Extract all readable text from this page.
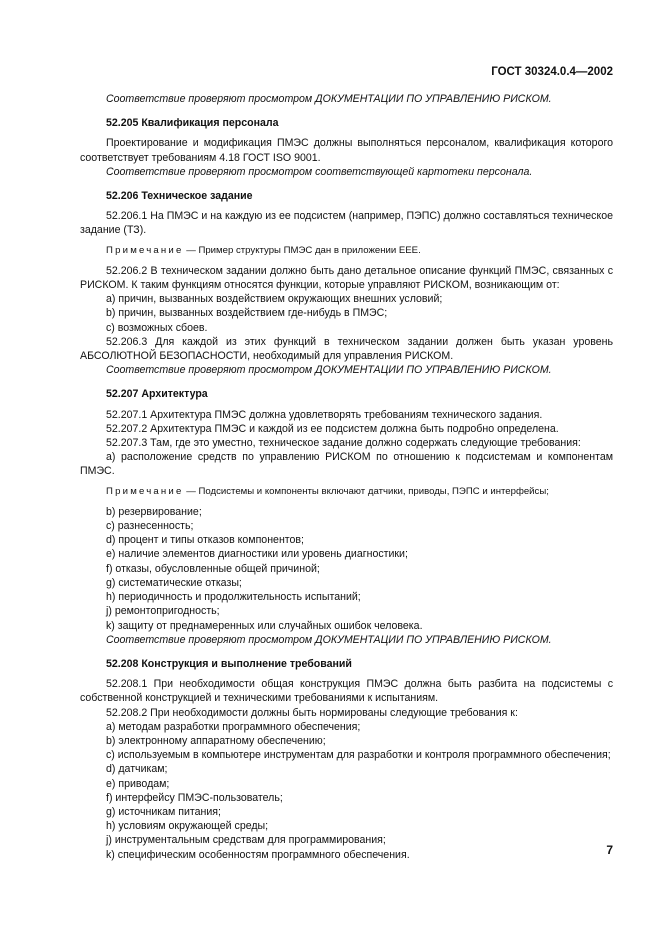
ГОСТ 30324.0.4—2002

Соответствие проверяют просмотром ДОКУМЕНТАЦИИ ПО УПРАВЛЕНИЮ РИСКОМ.

52.205 Квалификация персонала

Проектирование и модификация ПМЭС должны выполняться персоналом, квалификация которого соответствует требованиям 4.18 ГОСТ ISO 9001.

Соответствие проверяют просмотром соответствующей картотеки персонала.

52.206 Техническое задание

52.206.1 На ПМЭС и на каждую из ее подсистем (например, ПЭПС) должно составляться техническое задание (ТЗ).

Примечание — Пример структуры ПМЭС дан в приложении ЕЕЕ.

52.206.2 В техническом задании должно быть дано детальное описание функций ПМЭС, связанных с РИСКОМ. К таким функциям относятся функции, которые управляют РИСКОМ, возникающим от:

а) причин, вызванных воздействием окружающих внешних условий;
b) причин, вызванных воздействием где-нибудь в ПМЭС;
с) возможных сбоев.

52.206.3 Для каждой из этих функций в техническом задании должен быть указан уровень АБСОЛЮТНОЙ БЕЗОПАСНОСТИ, необходимый для управления РИСКОМ.

Соответствие проверяют просмотром ДОКУМЕНТАЦИИ ПО УПРАВЛЕНИЮ РИСКОМ.

52.207 Архитектура

52.207.1 Архитектура ПМЭС должна удовлетворять требованиям технического задания.

52.207.2 Архитектура ПМЭС и каждой из ее подсистем должна быть подробно определена.

52.207.3 Там, где это уместно, техническое задание должно содержать следующие требования:

а) расположение средств по управлению РИСКОМ по отношению к подсистемам и компонентам ПМЭС.

Примечание — Подсистемы и компоненты включают датчики, приводы, ПЭПС и интерфейсы;
b) резервирование;
с) разнесенность;
d) процент и типы отказов компонентов;
е) наличие элементов диагностики или уровень диагностики;
f) отказы, обусловленные общей причиной;
g) систематические отказы;
h) периодичность и продолжительность испытаний;
j) ремонтопригодность;
k) защиту от преднамеренных или случайных ошибок человека.

Соответствие проверяют просмотром ДОКУМЕНТАЦИИ ПО УПРАВЛЕНИЮ РИСКОМ.

52.208 Конструкция и выполнение требований

52.208.1 При необходимости общая конструкция ПМЭС должна быть разбита на подсистемы с собственной конструкцией и техническими требованиями к испытаниям.

52.208.2 При необходимости должны быть нормированы следующие требования к:

а) методам разработки программного обеспечения;
b) электронному аппаратному обеспечению;
с) используемым в компьютере инструментам для разработки и контроля программного обеспечения;
d) датчикам;
е) приводам;
f) интерфейсу ПМЭС-пользователь;
g) источникам питания;
h) условиям окружающей среды;
j) инструментальным средствам для программирования;
k) специфическим особенностям программного обеспечения.	7
